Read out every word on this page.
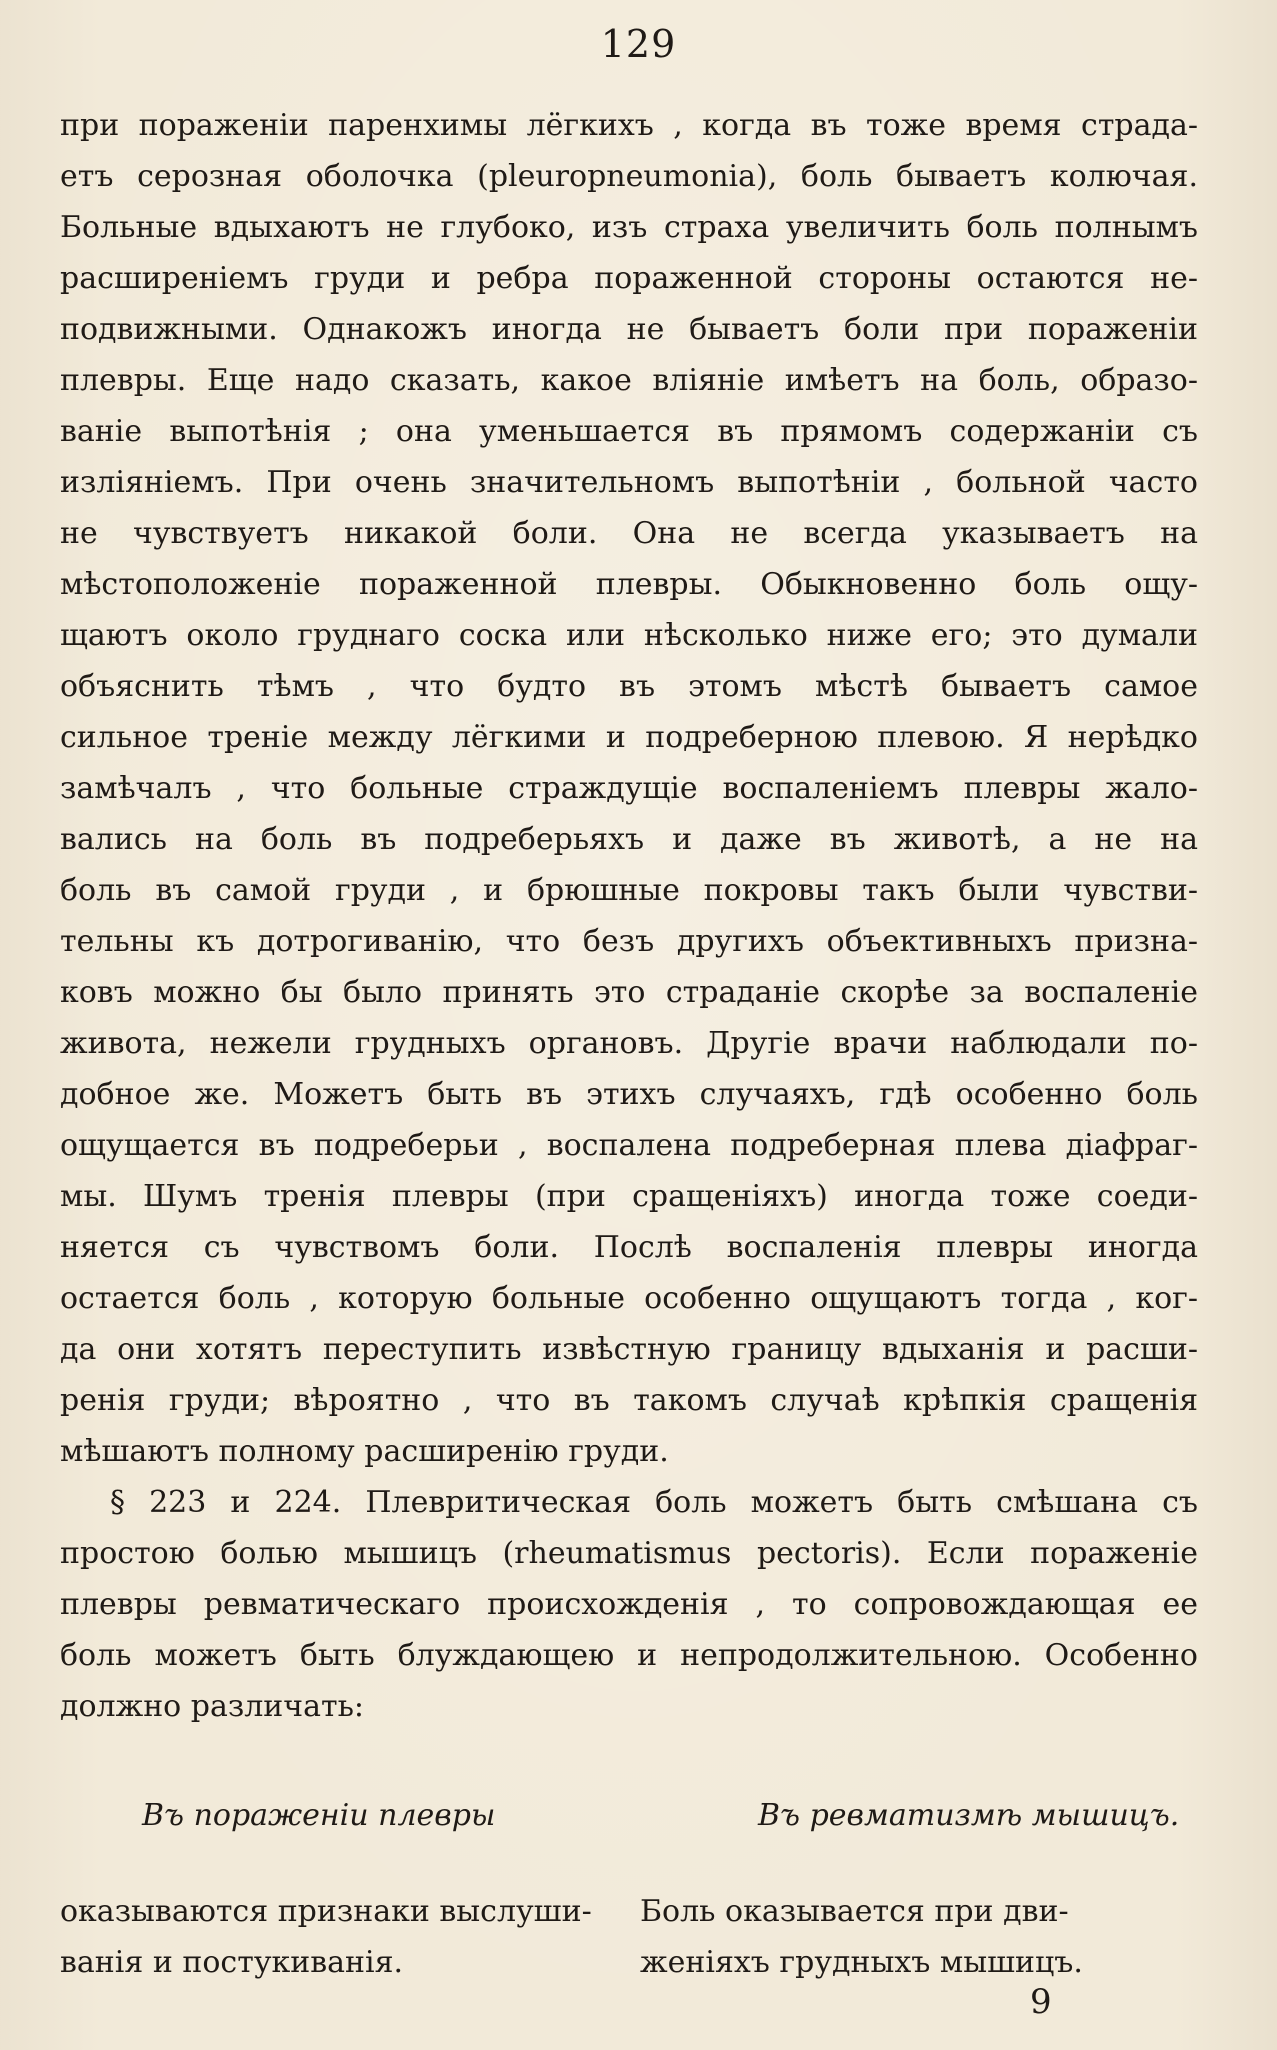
129
при пораженіи паренхимы лёгкихъ , когда въ тоже время страда-
етъ серозная оболочка (pleuropneumonia), боль бываетъ колючая.
Больные вдыхаютъ не глубоко, изъ страха увеличить боль полнымъ
расширеніемъ груди и ребра пораженной стороны остаются не-
подвижными. Однакожъ иногда не бываетъ боли при пораженіи
плевры. Еще надо сказать, какое вліяніе имѣетъ на боль, образо-
ваніе выпотѣнія ; она уменьшается въ прямомъ содержаніи съ
изліяніемъ. При очень значительномъ выпотѣніи , больной часто
не чувствуетъ никакой боли. Она не всегда указываетъ на
мѣстоположеніе пораженной плевры. Обыкновенно боль ощу-
щаютъ около груднаго соска или нѣсколько ниже его; это думали
объяснить тѣмъ , что будто въ этомъ мѣстѣ бываетъ самое
сильное треніе между лёгкими и подреберною плевою. Я нерѣдко
замѣчалъ , что больные страждущіе воспаленіемъ плевры жало-
вались на боль въ подреберьяхъ и даже въ животѣ, а не на
боль въ самой груди , и брюшные покровы такъ были чувстви-
тельны къ дотрогиванію, что безъ другихъ объективныхъ призна-
ковъ можно бы было принять это страданіе скорѣе за воспаленіе
живота, нежели грудныхъ органовъ. Другіе врачи наблюдали по-
добное же. Можетъ быть въ этихъ случаяхъ, гдѣ особенно боль
ощущается въ подреберьи , воспалена подреберная плева діафраг-
мы. Шумъ тренія плевры (при сращеніяхъ) иногда тоже соеди-
няется съ чувствомъ боли. Послѣ воспаленія плевры иногда
остается боль , которую больные особенно ощущаютъ тогда , ког-
да они хотятъ переступить извѣстную границу вдыханія и расши-
ренія груди; вѣроятно , что въ такомъ случаѣ крѣпкія сращенія
мѣшаютъ полному расширенію груди.
§ 223 и 224. Плевритическая боль можетъ быть смѣшана съ
простою болью мышицъ (rheumatismus pectoris). Если пораженіе
плевры ревматическаго происхожденія , то сопровождающая ее
боль можетъ быть блуждающею и непродолжительною. Особенно
должно различать:
Въ пораженіи плевры
оказываются признаки выслуши-
ванія и постукиванія.
Въ ревматизмѣ мышицъ.
Боль оказывается при дви-
женіяхъ грудныхъ мышицъ.
9
